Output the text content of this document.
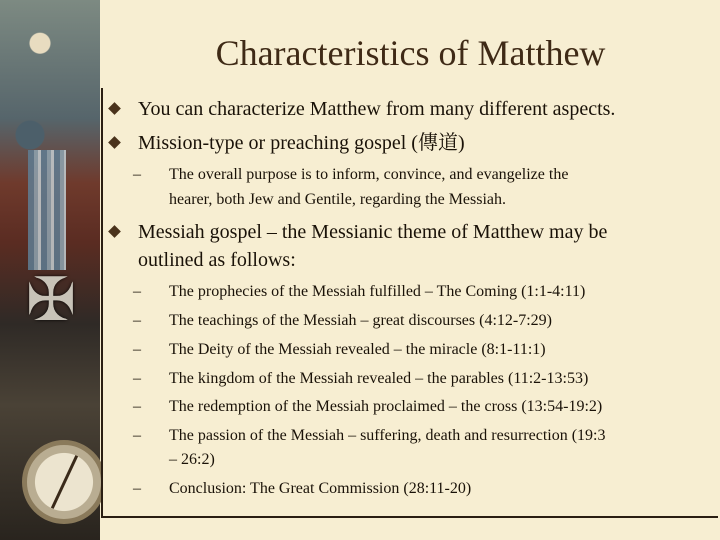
✠
Characteristics of Matthew
You can characterize Matthew from many different aspects.
Mission-type or preaching gospel (傳道)
– The overall purpose is to inform, convince, and evangelize the
hearer, both Jew and Gentile, regarding the Messiah.
Messiah gospel – the Messianic theme of Matthew may be
outlined as follows:
– The prophecies of the Messiah fulfilled – The Coming (1:1-4:11)
– The teachings of the Messiah – great discourses (4:12-7:29)
– The Deity of the Messiah revealed – the miracle (8:1-11:1)
– The kingdom of the Messiah revealed – the parables (11:2-13:53)
– The redemption of the Messiah proclaimed – the cross (13:54-19:2)
– The passion of the Messiah – suffering, death and resurrection (19:3
– 26:2)
– Conclusion: The Great Commission (28:11-20)
